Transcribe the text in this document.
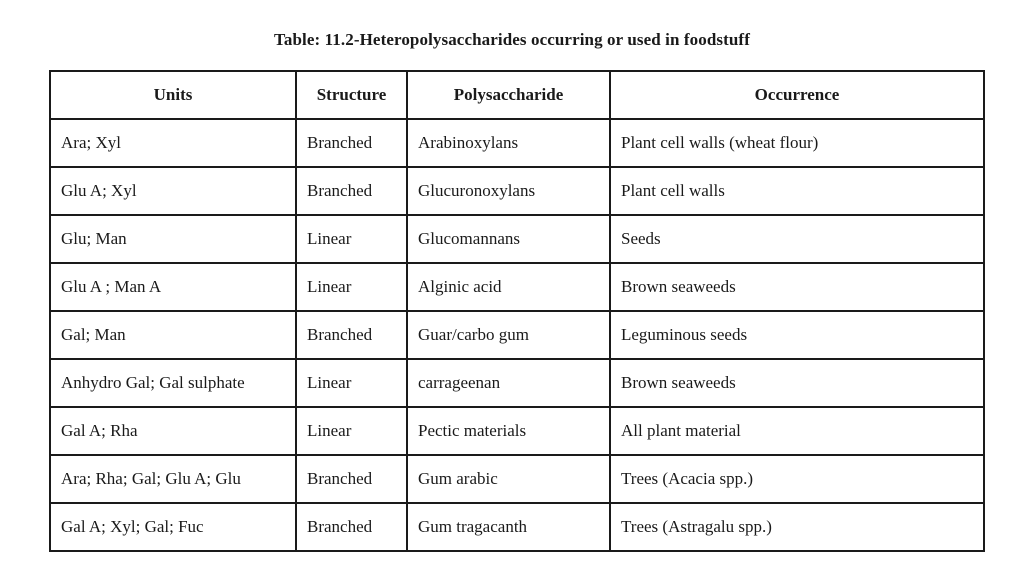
Table: 11.2-Heteropolysaccharides occurring or used in foodstuff
Units	Structure	Polysaccharide	Occurrence
Ara; Xyl	Branched	Arabinoxylans	Plant cell walls (wheat flour)
Glu A; Xyl	Branched	Glucuronoxylans	Plant cell walls
Glu; Man	Linear	Glucomannans	Seeds
Glu A ; Man A	Linear	Alginic acid	Brown seaweeds
Gal; Man	Branched	Guar/carbo gum	Leguminous seeds
Anhydro Gal; Gal sulphate	Linear	carrageenan	Brown seaweeds
Gal A; Rha	Linear	Pectic materials	All plant material
Ara; Rha; Gal; Glu A; Glu	Branched	Gum arabic	Trees (Acacia spp.)
Gal A; Xyl; Gal; Fuc	Branched	Gum tragacanth	Trees (Astragalu spp.)
